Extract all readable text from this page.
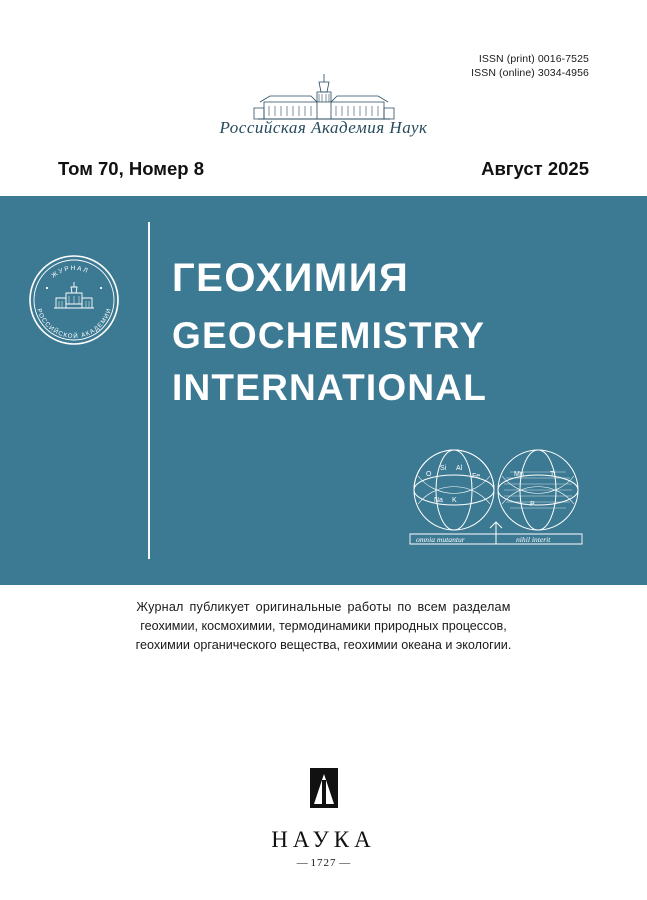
ISSN (print) 0016-7525
ISSN (online) 3034-4956
Российская Академия Наук
Том 70, Номер 8	Август 2025
ЖУРНАЛ
РОССИЙСКОЙ АКАДЕМИИ
ГЕОХИМИЯ
GEOCHEMISTRY
INTERNATIONAL
O
Si Al
Fe
Na K
Mn	Ti
P
omnia mutantur	nihil interit
Журнал публикует оригинальные работы по всем разделам
геохимии, космохимии, термодинамики природных процессов,
геохимии органического вещества, геохимии океана и экологии.
НАУКА
— 1727 —
